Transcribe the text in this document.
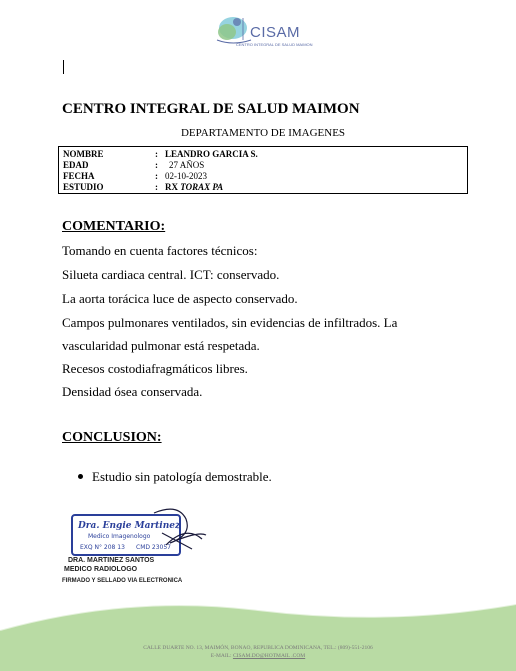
CISAM
CENTRO INTEGRAL DE SALUD MAIMON
CENTRO INTEGRAL DE SALUD MAIMON
DEPARTAMENTO DE IMAGENES
NOMBRE	: LEANDRO GARCIA S.
EDAD	: 27 AÑOS
FECHA	: 02-10-2023
ESTUDIO	: RX TORAX PA
COMENTARIO:
Tomando en cuenta factores técnicos:
Silueta cardiaca central. ICT: conservado.
La aorta torácica luce de aspecto conservado.
Campos pulmonares ventilados, sin evidencias de infiltrados. La
vascularidad pulmonar está respetada.
Recesos costodiafragmáticos libres.
Densidad ósea conservada.
CONCLUSION:
Estudio sin patología demostrable.
Dra. Engie Martinez
Medico Imagenologo
EXQ N° 208 13 CMD 23057
DRA. MARTINEZ SANTOS
MEDICO RADIOLOGO
FIRMADO Y SELLADO VIA ELECTRONICA
CALLE DUARTE NO. 13, MAIMÓN, BONAO, REPUBLICA DOMINICANA, TEL.: (809)-551-2106
E-MAIL: CISAM.DO@HOTMAIL .COM
